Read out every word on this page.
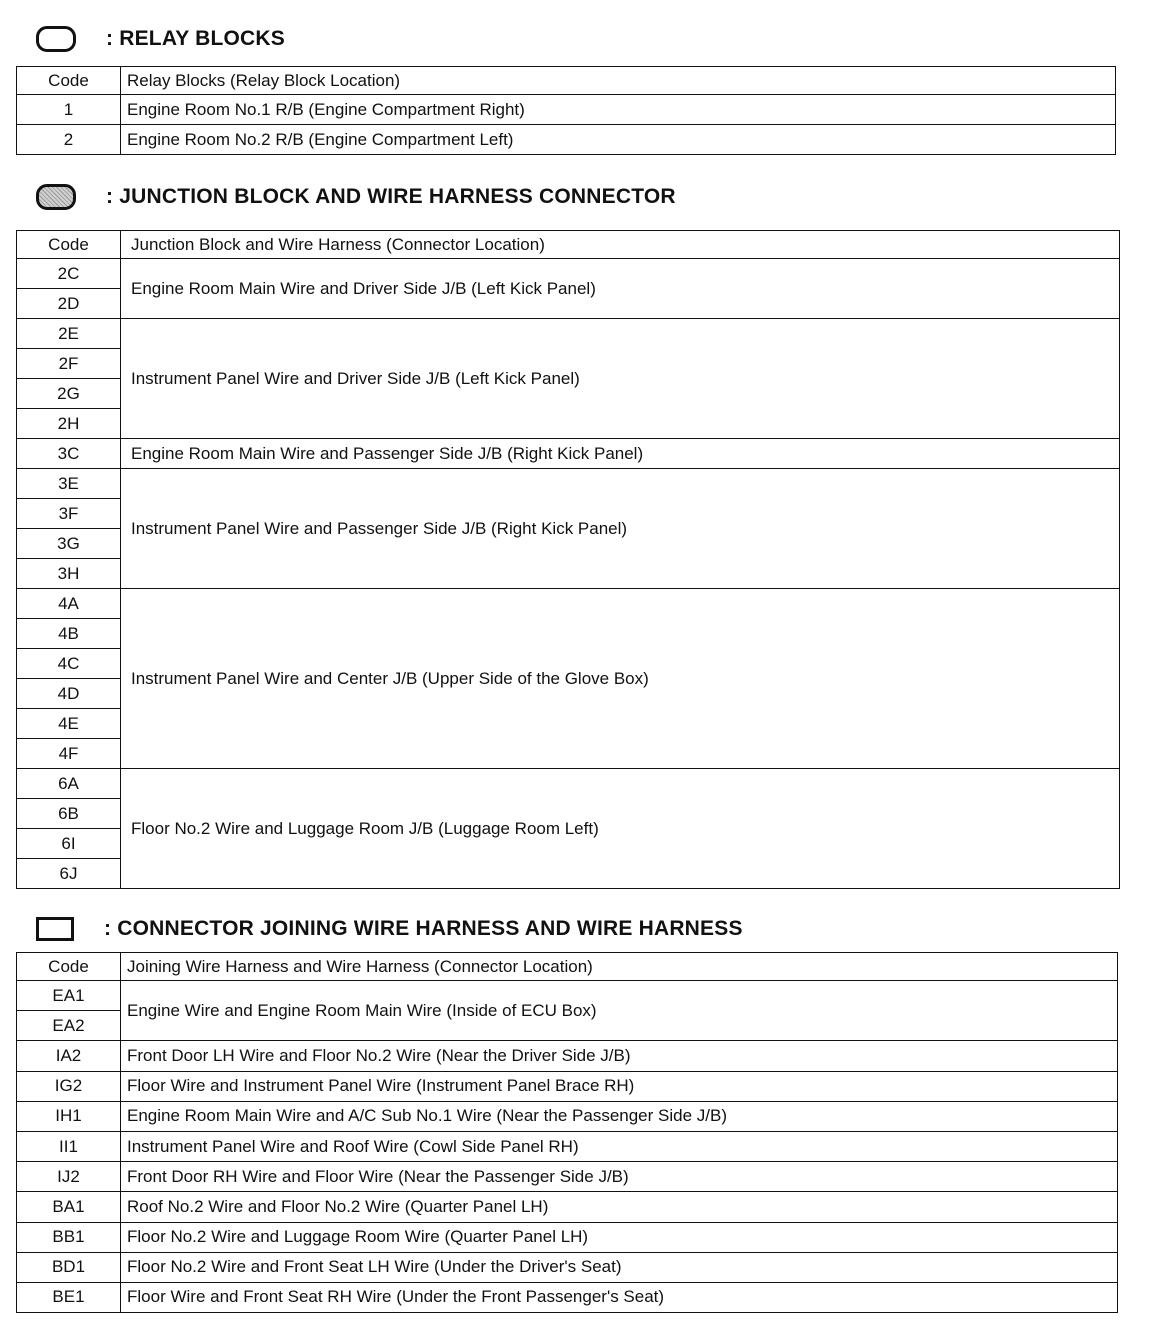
: RELAY BLOCKS
Code	Relay Blocks (Relay Block Location)
1	Engine Room No.1 R/B (Engine Compartment Right)
2	Engine Room No.2 R/B (Engine Compartment Left)
: JUNCTION BLOCK AND WIRE HARNESS CONNECTOR
Code	Junction Block and Wire Harness (Connector Location)
2C	Engine Room Main Wire and Driver Side J/B (Left Kick Panel)
2D	
2E	Instrument Panel Wire and Driver Side J/B (Left Kick Panel)
2F	
2G	
2H	
3C	Engine Room Main Wire and Passenger Side J/B (Right Kick Panel)
3E	Instrument Panel Wire and Passenger Side J/B (Right Kick Panel)
3F	
3G	
3H	
4A	Instrument Panel Wire and Center J/B (Upper Side of the Glove Box)
4B	
4C	
4D	
4E	
4F	
6A	Floor No.2 Wire and Luggage Room J/B (Luggage Room Left)
6B	
6I	
6J	
: CONNECTOR JOINING WIRE HARNESS AND WIRE HARNESS
Code	Joining Wire Harness and Wire Harness (Connector Location)
EA1	Engine Wire and Engine Room Main Wire (Inside of ECU Box)
EA2	
IA2	Front Door LH Wire and Floor No.2 Wire (Near the Driver Side J/B)
IG2	Floor Wire and Instrument Panel Wire (Instrument Panel Brace RH)
IH1	Engine Room Main Wire and A/C Sub No.1 Wire (Near the Passenger Side J/B)
II1	Instrument Panel Wire and Roof Wire (Cowl Side Panel RH)
IJ2	Front Door RH Wire and Floor Wire (Near the Passenger Side J/B)
BA1	Roof No.2 Wire and Floor No.2 Wire (Quarter Panel LH)
BB1	Floor No.2 Wire and Luggage Room Wire (Quarter Panel LH)
BD1	Floor No.2 Wire and Front Seat LH Wire (Under the Driver's Seat)
BE1	Floor Wire and Front Seat RH Wire (Under the Front Passenger's Seat)
